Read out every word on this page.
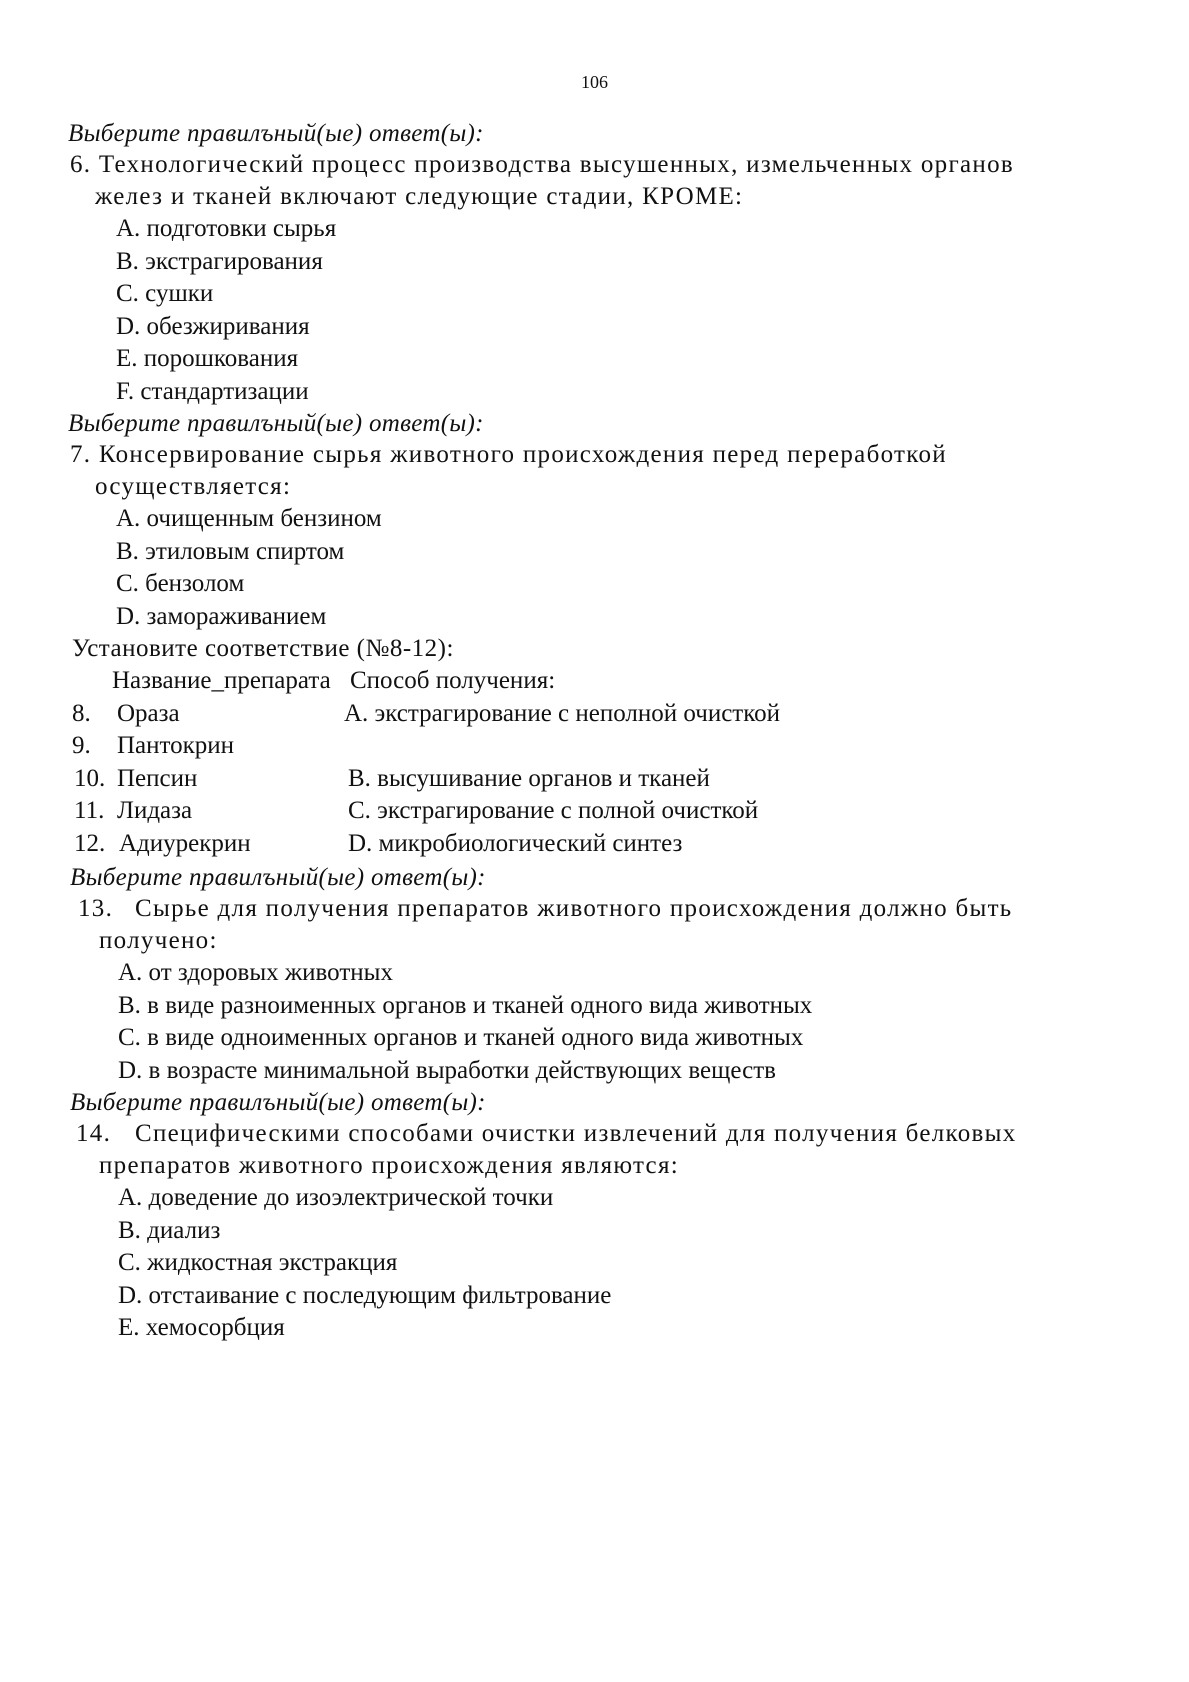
106

Выберите правилъный(ые) ответ(ы):

6. Технологический процесс производства высушенных, измельченных органов

желез и тканей включают следующие стадии, КРОМЕ:

A. подготовки сырья

B. экстрагирования

C. сушки

D. обезжиривания

E. порошкования

F. стандартизации

Выберите правилъный(ые) ответ(ы):

7. Консервирование сырья животного происхождения перед переработкой

осуществляется:

A. очищенным бензином

B. этиловым спиртом

C. бензолом

D. замораживанием

Установите соответствие (№8-12):

Название_препарата Способ получения:
8. Ораза	A. экстрагирование с неполной очисткой
9. Пантокрин
10. Пепсин	B. высушивание органов и тканей
11. Лидаза	C. экстрагирование с полной очисткой
12. Адиурекрин	D. микробиологический синтез

Выберите правилъный(ые) ответ(ы):

13. Сырье для получения препаратов животного происхождения должно быть

получено:

A. от здоровых животных

B. в виде разноименных органов и тканей одного вида животных

C. в виде одноименных органов и тканей одного вида животных

D. в возрасте минимальной выработки действующих веществ

Выберите правилъный(ые) ответ(ы):

14. Специфическими способами очистки извлечений для получения белковых

препаратов животного происхождения являются:

A. доведение до изоэлектрической точки

B. диализ

C. жидкостная экстракция

D. отстаивание с последующим фильтрование

E. хемосорбция
